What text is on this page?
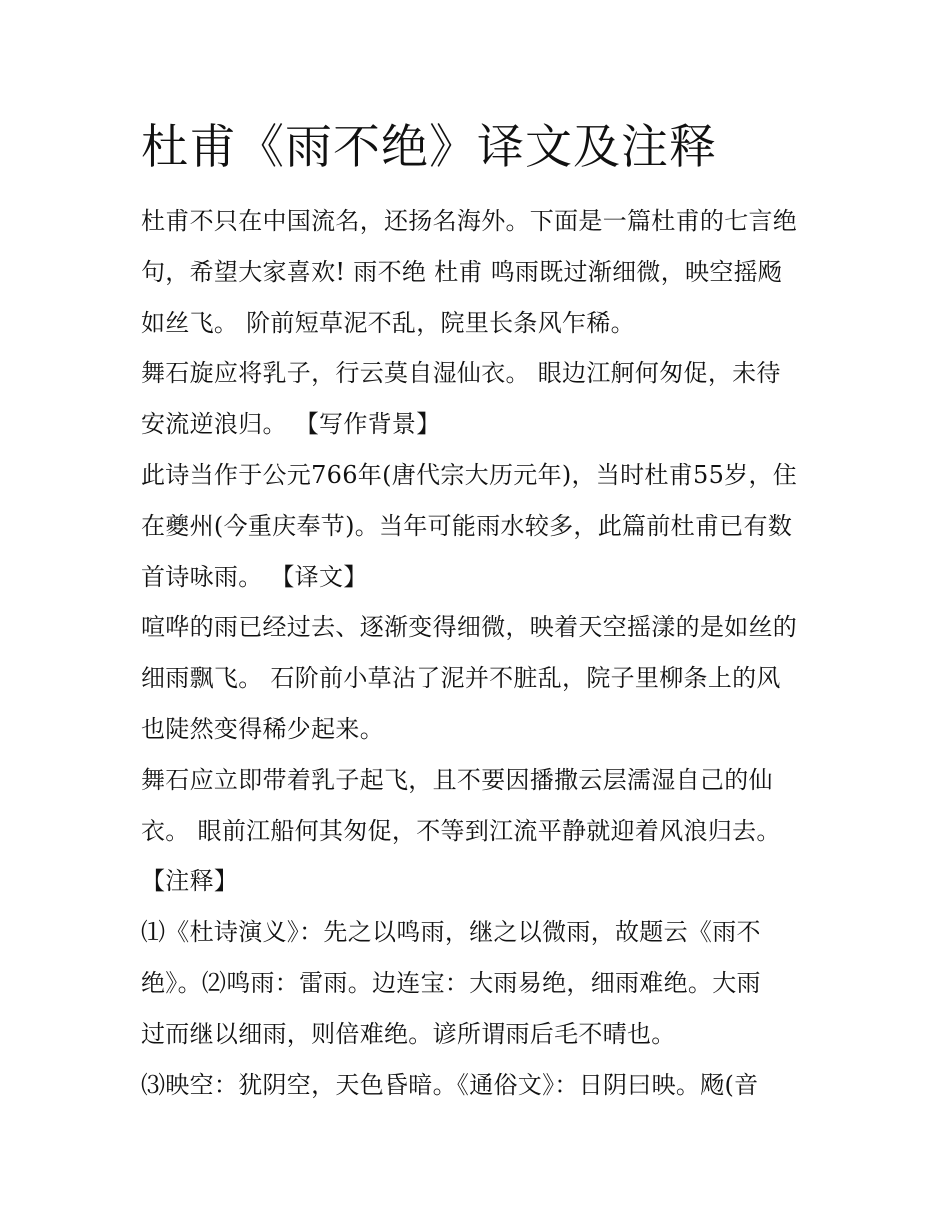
杜甫《雨不绝》译文及注释
杜甫不只在中国流名，还扬名海外。下面是一篇杜甫的七言绝
句，希望大家喜欢! 雨不绝 杜甫 鸣雨既过渐细微，映空摇飏
如丝飞。 阶前短草泥不乱，院里长条风乍稀。
舞石旋应将乳子，行云莫自湿仙衣。 眼边江舸何匆促，未待
安流逆浪归。 【写作背景】
此诗当作于公元766年(唐代宗大历元年)，当时杜甫55岁，住
在夔州(今重庆奉节)。当年可能雨水较多，此篇前杜甫已有数
首诗咏雨。 【译文】
喧哗的雨已经过去、逐渐变得细微，映着天空摇漾的是如丝的
细雨飘飞。 石阶前小草沾了泥并不脏乱，院子里柳条上的风
也陡然变得稀少起来。
舞石应立即带着乳子起飞，且不要因播撒云层濡湿自己的仙
衣。 眼前江船何其匆促，不等到江流平静就迎着风浪归去。
【注释】
⑴《杜诗演义》：先之以鸣雨，继之以微雨，故题云《雨不
绝》。⑵鸣雨：雷雨。边连宝：大雨易绝，细雨难绝。大雨
过而继以细雨，则倍难绝。谚所谓雨后毛不晴也。
⑶映空：犹阴空，天色昏暗。《通俗文》：日阴曰映。飏(音
